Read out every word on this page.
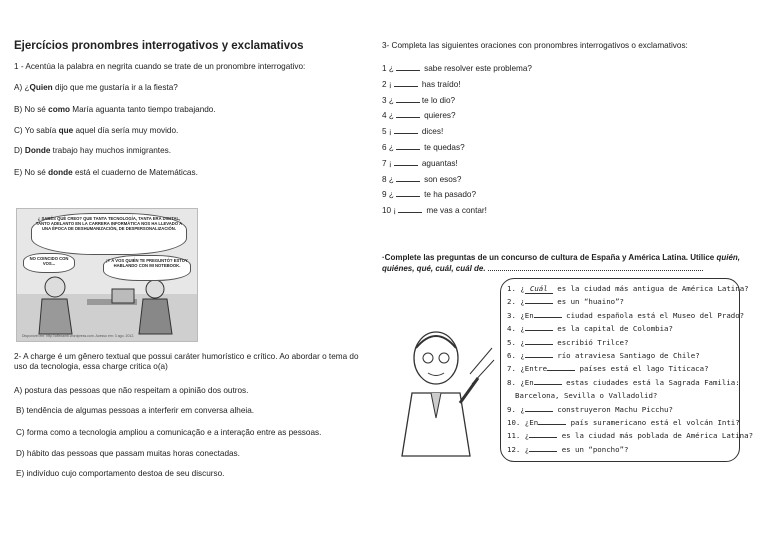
Ejercícios pronombres interrogativos y exclamativos
1 - Acentúa la palabra en negrita cuando se trate de un pronombre interrogativo:
¿ SABÉS QUÉ CREO? QUE TANTA TECNOLOGÍA, TANTA ERA DIGITAL, TANTO ADELANTO EN LA CARRERA INFORMÁTICA NOS HA LLEVADO A UNA ÉPOCA DE DESHUMANIZACIÓN, DE DESPERSONALIZACIÓN.
NO COINCIDO CON VOS...
¡Y A VOS QUIÉN TE PREGUNTÓ? ESTOY HABLANDO CON MI NOTEBOOK.
Disponível em: http://aflexamb.wordpress.com. Acesso em: 3 ago. 2012.
2- A charge é um gênero textual que possui caráter humorístico e crítico. Ao abordar o tema do uso da tecnologia, essa charge critica o(a)
3- Completa las siguientes oraciones con pronombres interrogativos o exclamativos:
·Complete las preguntas de un concurso de cultura de España y América Latina. Utilice quién,
quiénes, qué, cuál, cuál de.
1. ¿ Cuál es la ciudad más antigua de América Latina?
2. ¿	es un “huaino”?
3. ¿En	ciudad española está el Museo del Prado?
4. ¿	es la capital de Colombia?
5. ¿	escribió Trilce?
6. ¿	río atraviesa Santiago de Chile?
7. ¿Entre	países está el lago Titicaca?
8. ¿En	estas ciudades está la Sagrada Familia:
Barcelona, Sevilla o Valladolid?
9. ¿	construyeron Machu Picchu?
10. ¿En	país suramericano está el volcán Inti?
11. ¿	es la ciudad más poblada de América Latina?
12. ¿	es un “poncho”?
A) ¿Quien dijo que me gustaría ir a la fiesta?
B) No sé como María aguanta tanto tiempo trabajando.
C) Yo sabía que aquel día sería muy movido.
D) Donde trabajo hay muchos inmigrantes.
E) No sé donde está el cuaderno de Matemáticas.
A) postura das pessoas que não respeitam a opinião dos outros.
B) tendência de algumas pessoas a interferir em conversa alheia.
C) forma como a tecnologia ampliou a comunicação e a interação entre as pessoas.
D) hábito das pessoas que passam muitas horas conectadas.
E) indivíduo cujo comportamento destoa de seu discurso.
1 ¿	sabe resolver este problema?
2 ¡	has traído!
3 ¿	te lo dio?
4 ¿	quieres?
5 ¡	dices!
6 ¿	te quedas?
7 ¡	aguantas!
8 ¿	son esos?
9 ¿	te ha pasado?
10 ¡	me vas a contar!
